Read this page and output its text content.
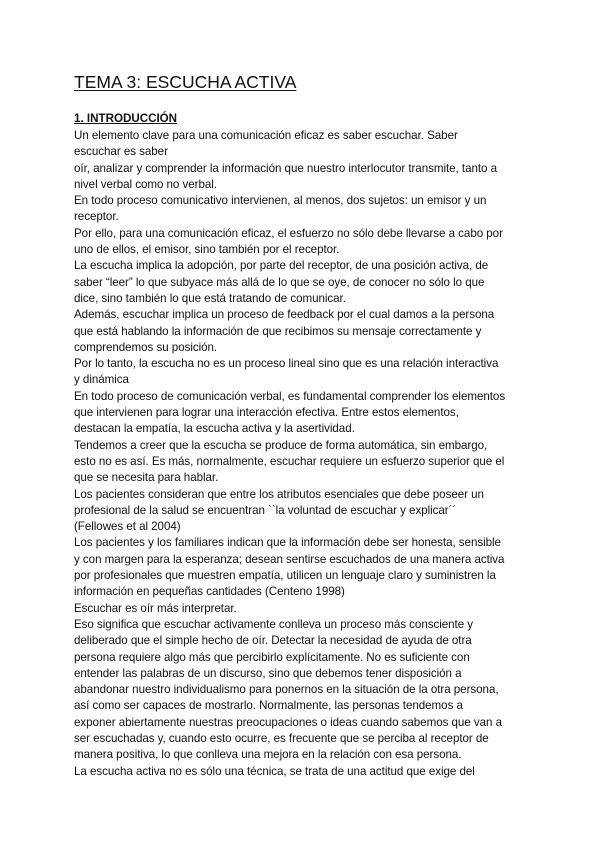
TEMA 3: ESCUCHA ACTIVA
1. INTRODUCCIÓN
Un elemento clave para una comunicación eficaz es saber escuchar. Saber
escuchar es saber
oír, analizar y comprender la información que nuestro interlocutor transmite, tanto a
nivel verbal como no verbal.
En todo proceso comunicativo intervienen, al menos, dos sujetos: un emisor y un
receptor.
Por ello, para una comunicación eficaz, el esfuerzo no sólo debe llevarse a cabo por
uno de ellos, el emisor, sino también por el receptor.
La escucha implica la adopción, por parte del receptor, de una posición activa, de
saber “leer” lo que subyace más allá de lo que se oye, de conocer no sólo lo que
dice, sino también lo que está tratando de comunicar.
Además, escuchar implica un proceso de feedback por el cual damos a la persona
que está hablando la información de que recibimos su mensaje correctamente y
comprendemos su posición.
Por lo tanto, la escucha no es un proceso lineal sino que es una relación interactiva
y dinámica
En todo proceso de comunicación verbal, es fundamental comprender los elementos
que intervienen para lograr una interacción efectiva. Entre estos elementos,
destacan la empatía, la escucha activa y la asertividad.
Tendemos a creer que la escucha se produce de forma automática, sin embargo,
esto no es así. Es más, normalmente, escuchar requiere un esfuerzo superior que el
que se necesita para hablar.
Los pacientes consideran que entre los atributos esenciales que debe poseer un
profesional de la salud se encuentran ``la voluntad de escuchar y explicar´´
(Fellowes et al 2004)
Los pacientes y los familiares indican que la información debe ser honesta, sensible
y con margen para la esperanza; desean sentirse escuchados de una manera activa
por profesionales que muestren empatía, utilicen un lenguaje claro y suministren la
información en pequeñas cantidades (Centeno 1998)
Escuchar es oír más interpretar.
Eso significa que escuchar activamente conlleva un proceso más consciente y
deliberado que el simple hecho de oír. Detectar la necesidad de ayuda de otra
persona requiere algo más que percibirlo explícitamente. No es suficiente con
entender las palabras de un discurso, sino que debemos tener disposición a
abandonar nuestro individualismo para ponernos en la situación de la otra persona,
así como ser capaces de mostrarlo. Normalmente, las personas tendemos a
exponer abiertamente nuestras preocupaciones o ideas cuando sabemos que van a
ser escuchadas y, cuando esto ocurre, es frecuente que se perciba al receptor de
manera positiva, lo que conlleva una mejora en la relación con esa persona.
La escucha activa no es sólo una técnica, se trata de una actitud que exige del
